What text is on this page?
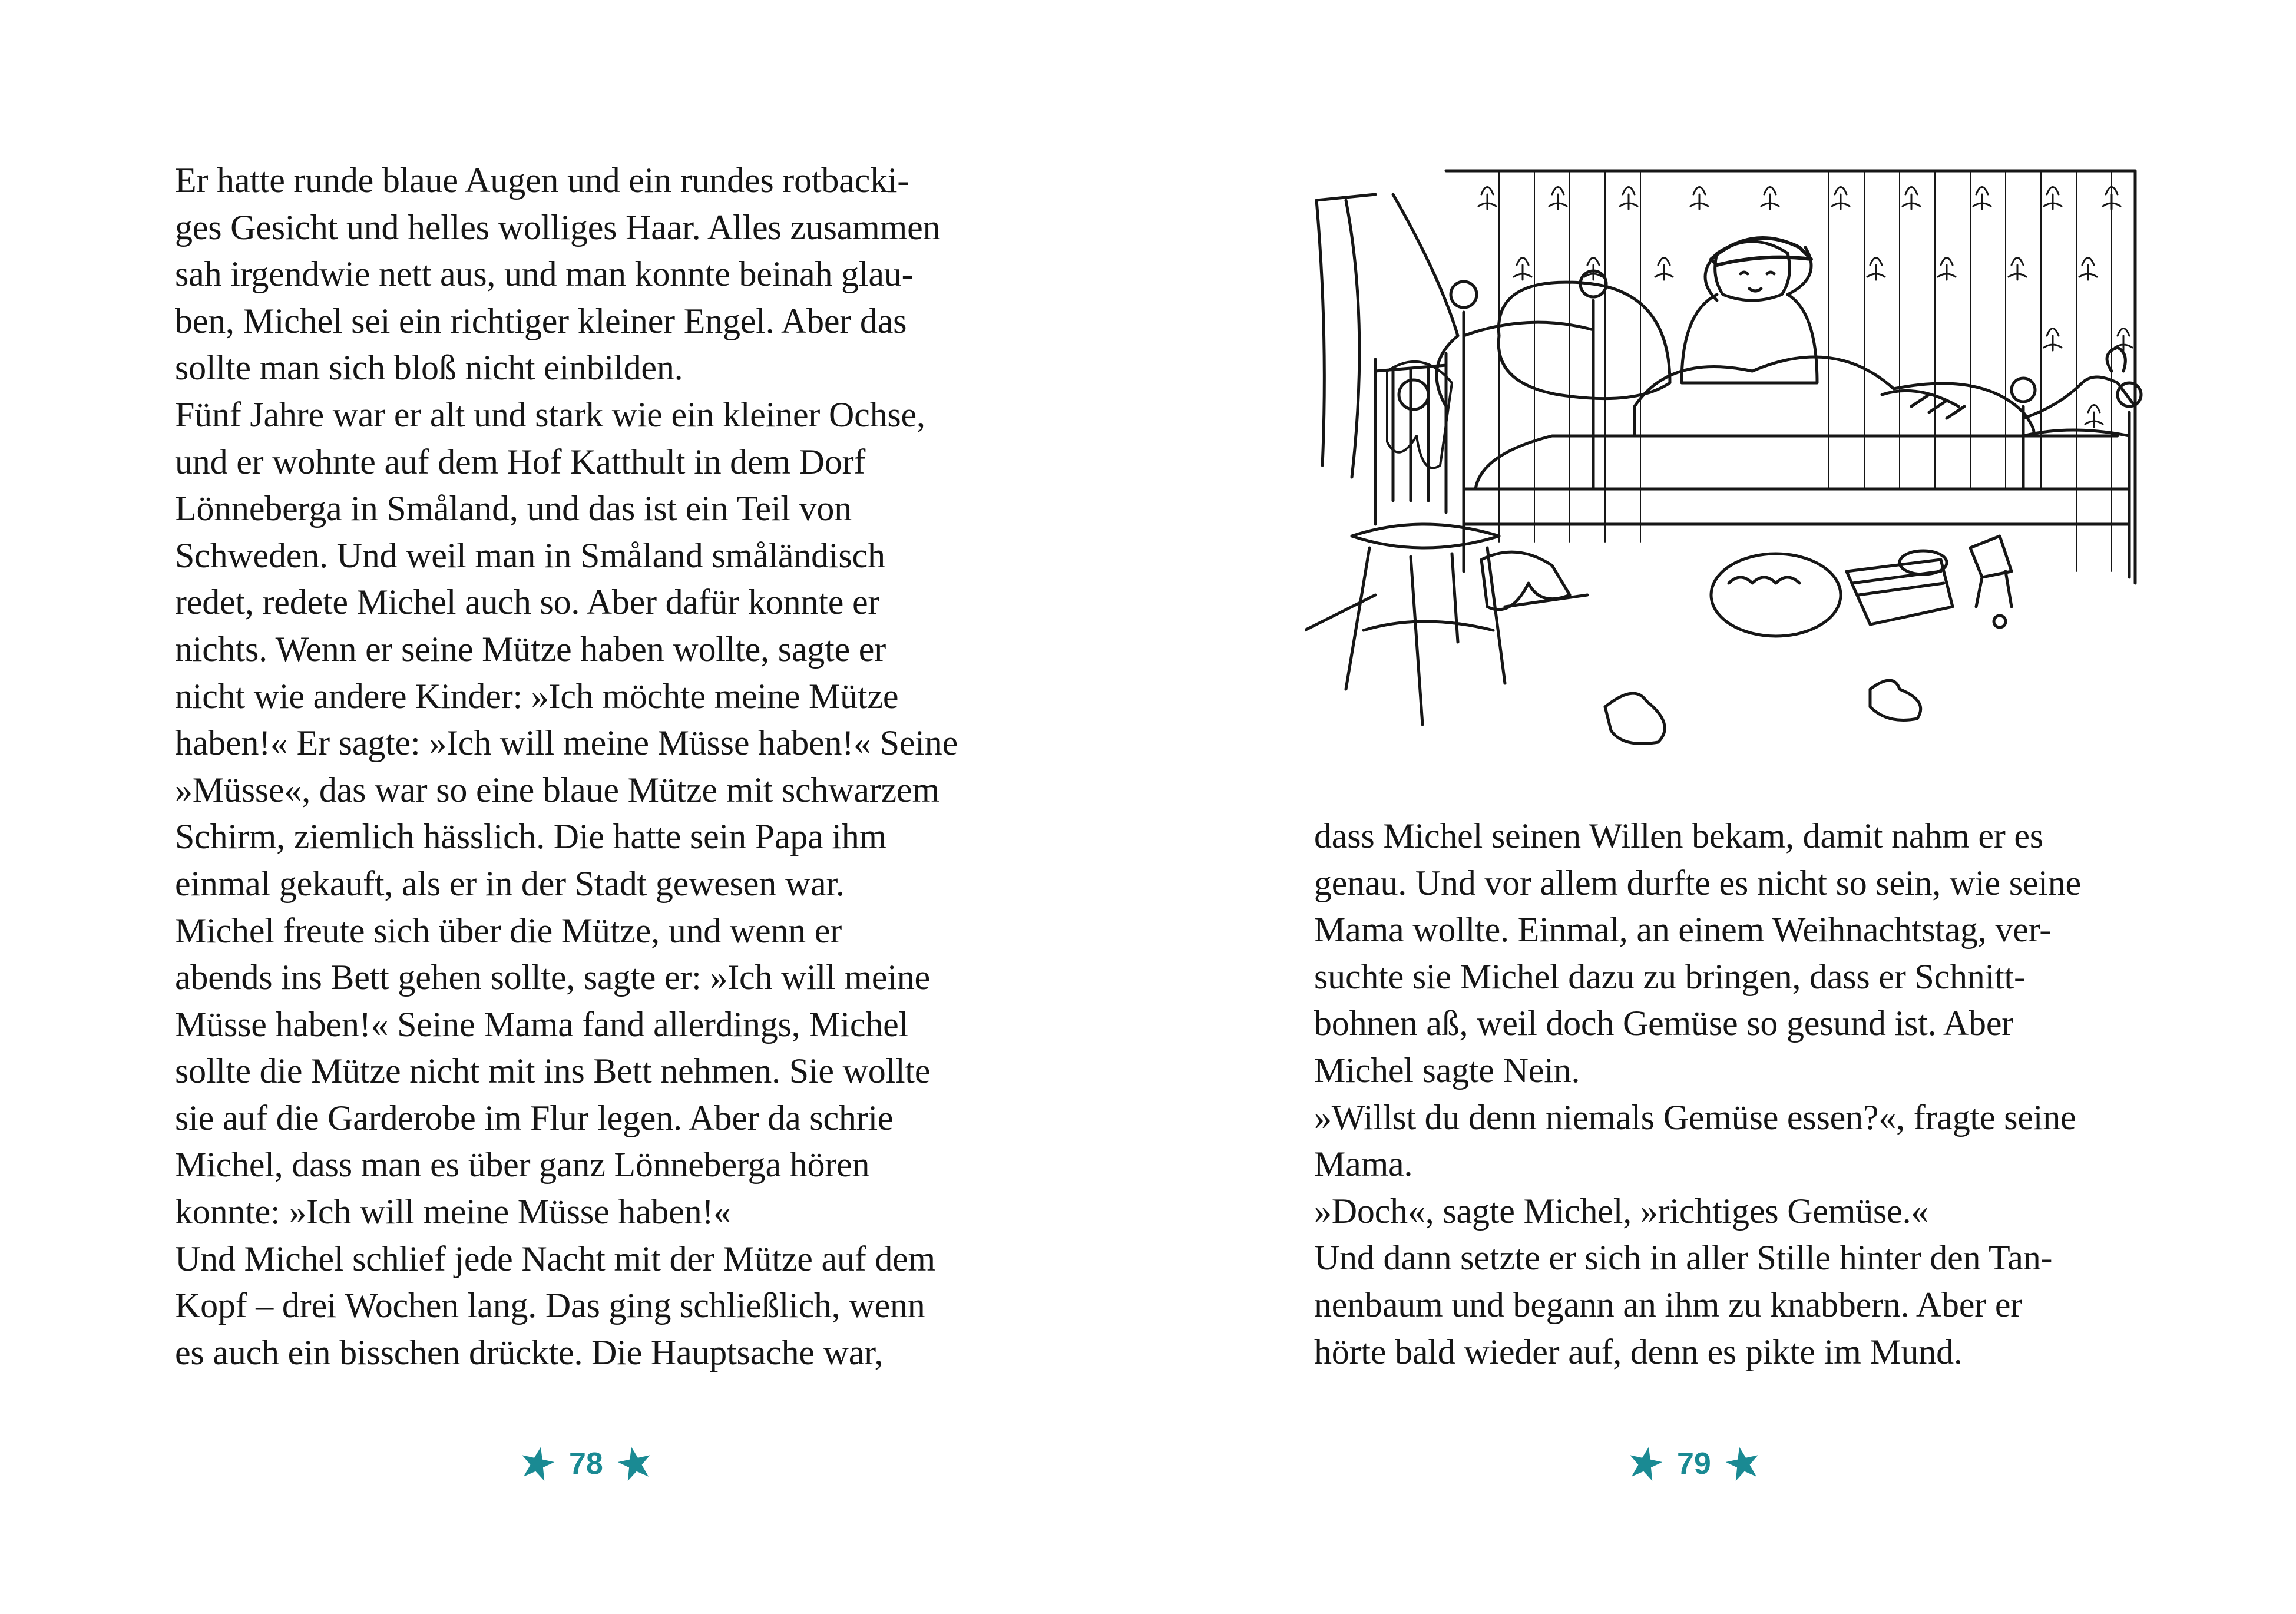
Er hatte runde blaue Augen und ein rundes rotbacki-
ges Gesicht und helles wolliges Haar. Alles zusammen
sah irgendwie nett aus, und man konnte beinah glau-
ben, Michel sei ein richtiger kleiner Engel. Aber das
sollte man sich bloß nicht einbilden.
Fünf Jahre war er alt und stark wie ein kleiner Ochse,
und er wohnte auf dem Hof Katthult in dem Dorf
Lönneberga in Småland, und das ist ein Teil von
Schweden. Und weil man in Småland småländisch
redet, redete Michel auch so. Aber dafür konnte er
nichts. Wenn er seine Mütze haben wollte, sagte er
nicht wie andere Kinder: »Ich möchte meine Mütze
haben!« Er sagte: »Ich will meine Müsse haben!« Seine
»Müsse«, das war so eine blaue Mütze mit schwarzem
Schirm, ziemlich hässlich. Die hatte sein Papa ihm
einmal gekauft, als er in der Stadt gewesen war.
Michel freute sich über die Mütze, und wenn er
abends ins Bett gehen sollte, sagte er: »Ich will meine
Müsse haben!« Seine Mama fand allerdings, Michel
sollte die Mütze nicht mit ins Bett nehmen. Sie wollte
sie auf die Garderobe im Flur legen. Aber da schrie
Michel, dass man es über ganz Lönneberga hören
konnte: »Ich will meine Müsse haben!«
Und Michel schlief jede Nacht mit der Mütze auf dem
Kopf – drei Wochen lang. Das ging schließlich, wenn
es auch ein bisschen drückte. Die Hauptsache war,
78
dass Michel seinen Willen bekam, damit nahm er es
genau. Und vor allem durfte es nicht so sein, wie seine
Mama wollte. Einmal, an einem Weihnachtstag, ver-
suchte sie Michel dazu zu bringen, dass er Schnitt-
bohnen aß, weil doch Gemüse so gesund ist. Aber
Michel sagte Nein.
»Willst du denn niemals Gemüse essen?«, fragte seine
Mama.
»Doch«, sagte Michel, »richtiges Gemüse.«
Und dann setzte er sich in aller Stille hinter den Tan-
nenbaum und begann an ihm zu knabbern. Aber er
hörte bald wieder auf, denn es pikte im Mund.
79
